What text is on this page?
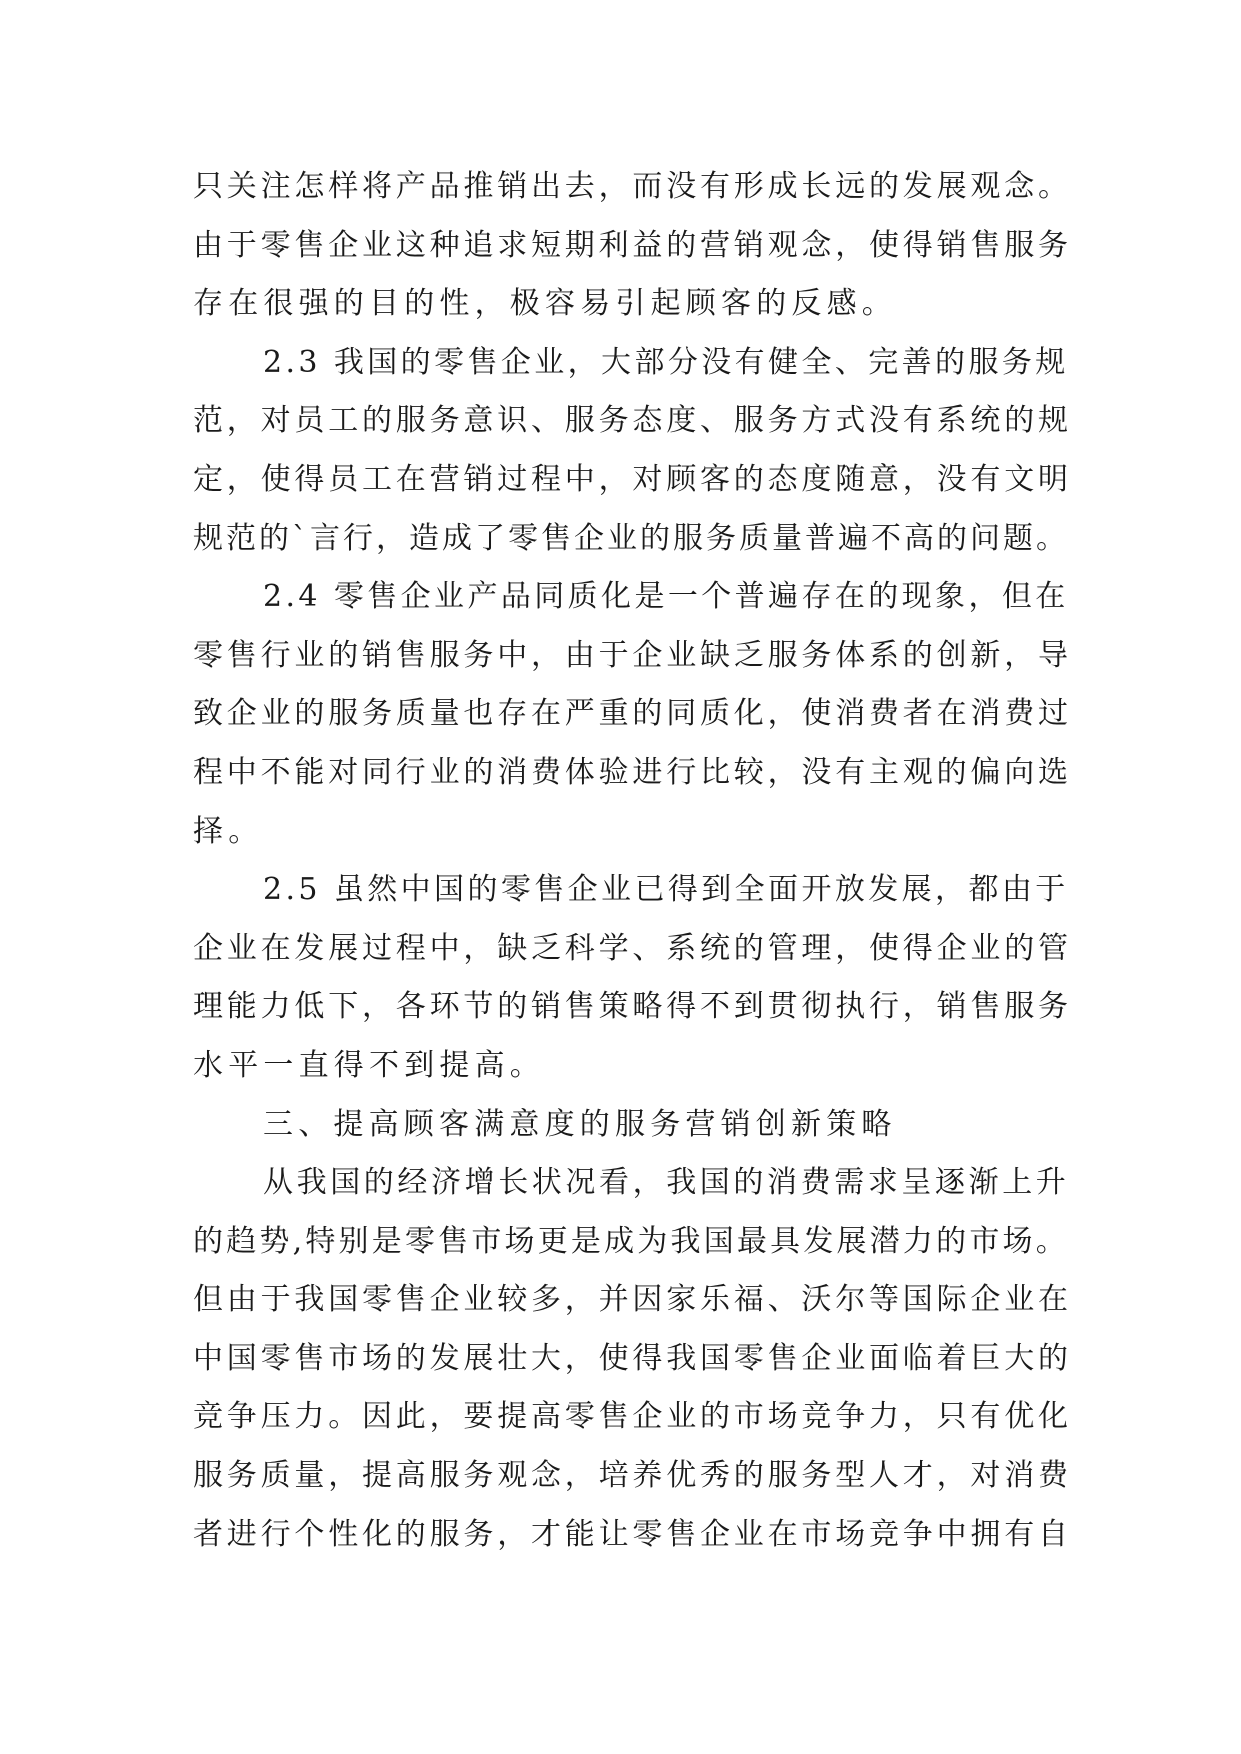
只关注怎样将产品推销出去，而没有形成长远的发展观念。
由于零售企业这种追求短期利益的营销观念，使得销售服务
存在很强的目的性，极容易引起顾客的反感。
2.3 我国的零售企业，大部分没有健全、完善的服务规
范，对员工的服务意识、服务态度、服务方式没有系统的规
定，使得员工在营销过程中，对顾客的态度随意，没有文明
规范的`言行，造成了零售企业的服务质量普遍不高的问题。
2.4 零售企业产品同质化是一个普遍存在的现象，但在
零售行业的销售服务中，由于企业缺乏服务体系的创新，导
致企业的服务质量也存在严重的同质化，使消费者在消费过
程中不能对同行业的消费体验进行比较，没有主观的偏向选
择。
2.5 虽然中国的零售企业已得到全面开放发展，都由于
企业在发展过程中，缺乏科学、系统的管理，使得企业的管
理能力低下，各环节的销售策略得不到贯彻执行，销售服务
水平一直得不到提高。
三、提高顾客满意度的服务营销创新策略
从我国的经济增长状况看，我国的消费需求呈逐渐上升
的趋势,特别是零售市场更是成为我国最具发展潜力的市场。
但由于我国零售企业较多，并因家乐福、沃尔等国际企业在
中国零售市场的发展壮大，使得我国零售企业面临着巨大的
竞争压力。因此，要提高零售企业的市场竞争力，只有优化
服务质量，提高服务观念，培养优秀的服务型人才，对消费
者进行个性化的服务，才能让零售企业在市场竞争中拥有自
